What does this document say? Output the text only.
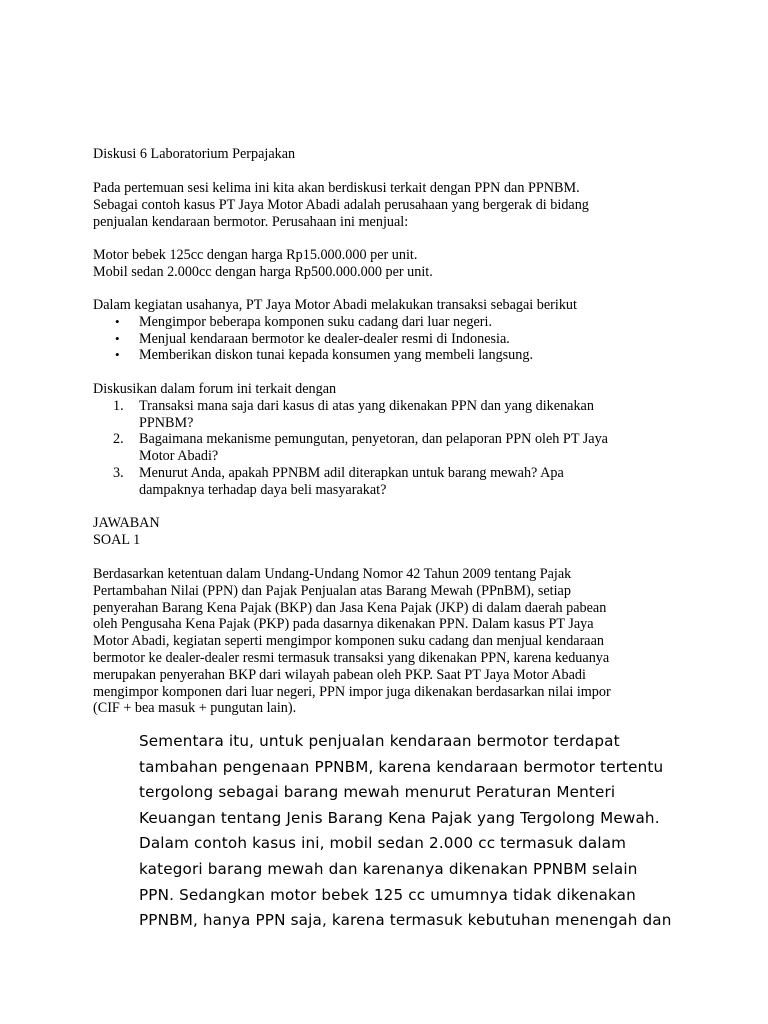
Diskusi 6 Laboratorium Perpajakan

Pada pertemuan sesi kelima ini kita akan berdiskusi terkait dengan PPN dan PPNBM.

Sebagai contoh kasus PT Jaya Motor Abadi adalah perusahaan yang bergerak di bidang

penjualan kendaraan bermotor. Perusahaan ini menjual:

Motor bebek 125cc dengan harga Rp15.000.000 per unit.

Mobil sedan 2.000cc dengan harga Rp500.000.000 per unit.

Dalam kegiatan usahanya, PT Jaya Motor Abadi melakukan transaksi sebagai berikut

• Mengimpor beberapa komponen suku cadang dari luar negeri.
• Menjual kendaraan bermotor ke dealer-dealer resmi di Indonesia.
• Memberikan diskon tunai kepada konsumen yang membeli langsung.

Diskusikan dalam forum ini terkait dengan

1. Transaksi mana saja dari kasus di atas yang dikenakan PPN dan yang dikenakan

PPNBM?

2. Bagaimana mekanisme pemungutan, penyetoran, dan pelaporan PPN oleh PT Jaya

Motor Abadi?

3. Menurut Anda, apakah PPNBM adil diterapkan untuk barang mewah? Apa

dampaknya terhadap daya beli masyarakat?

JAWABAN

SOAL 1

Berdasarkan ketentuan dalam Undang-Undang Nomor 42 Tahun 2009 tentang Pajak

Pertambahan Nilai (PPN) dan Pajak Penjualan atas Barang Mewah (PPnBM), setiap

penyerahan Barang Kena Pajak (BKP) dan Jasa Kena Pajak (JKP) di dalam daerah pabean

oleh Pengusaha Kena Pajak (PKP) pada dasarnya dikenakan PPN. Dalam kasus PT Jaya

Motor Abadi, kegiatan seperti mengimpor komponen suku cadang dan menjual kendaraan

bermotor ke dealer-dealer resmi termasuk transaksi yang dikenakan PPN, karena keduanya

merupakan penyerahan BKP dari wilayah pabean oleh PKP. Saat PT Jaya Motor Abadi

mengimpor komponen dari luar negeri, PPN impor juga dikenakan berdasarkan nilai impor

(CIF + bea masuk + pungutan lain).

Sementara itu, untuk penjualan kendaraan bermotor terdapat

tambahan pengenaan PPNBM, karena kendaraan bermotor tertentu

tergolong sebagai barang mewah menurut Peraturan Menteri

Keuangan tentang Jenis Barang Kena Pajak yang Tergolong Mewah.

Dalam contoh kasus ini, mobil sedan 2.000 cc termasuk dalam

kategori barang mewah dan karenanya dikenakan PPNBM selain

PPN. Sedangkan motor bebek 125 cc umumnya tidak dikenakan

PPNBM, hanya PPN saja, karena termasuk kebutuhan menengah dan
